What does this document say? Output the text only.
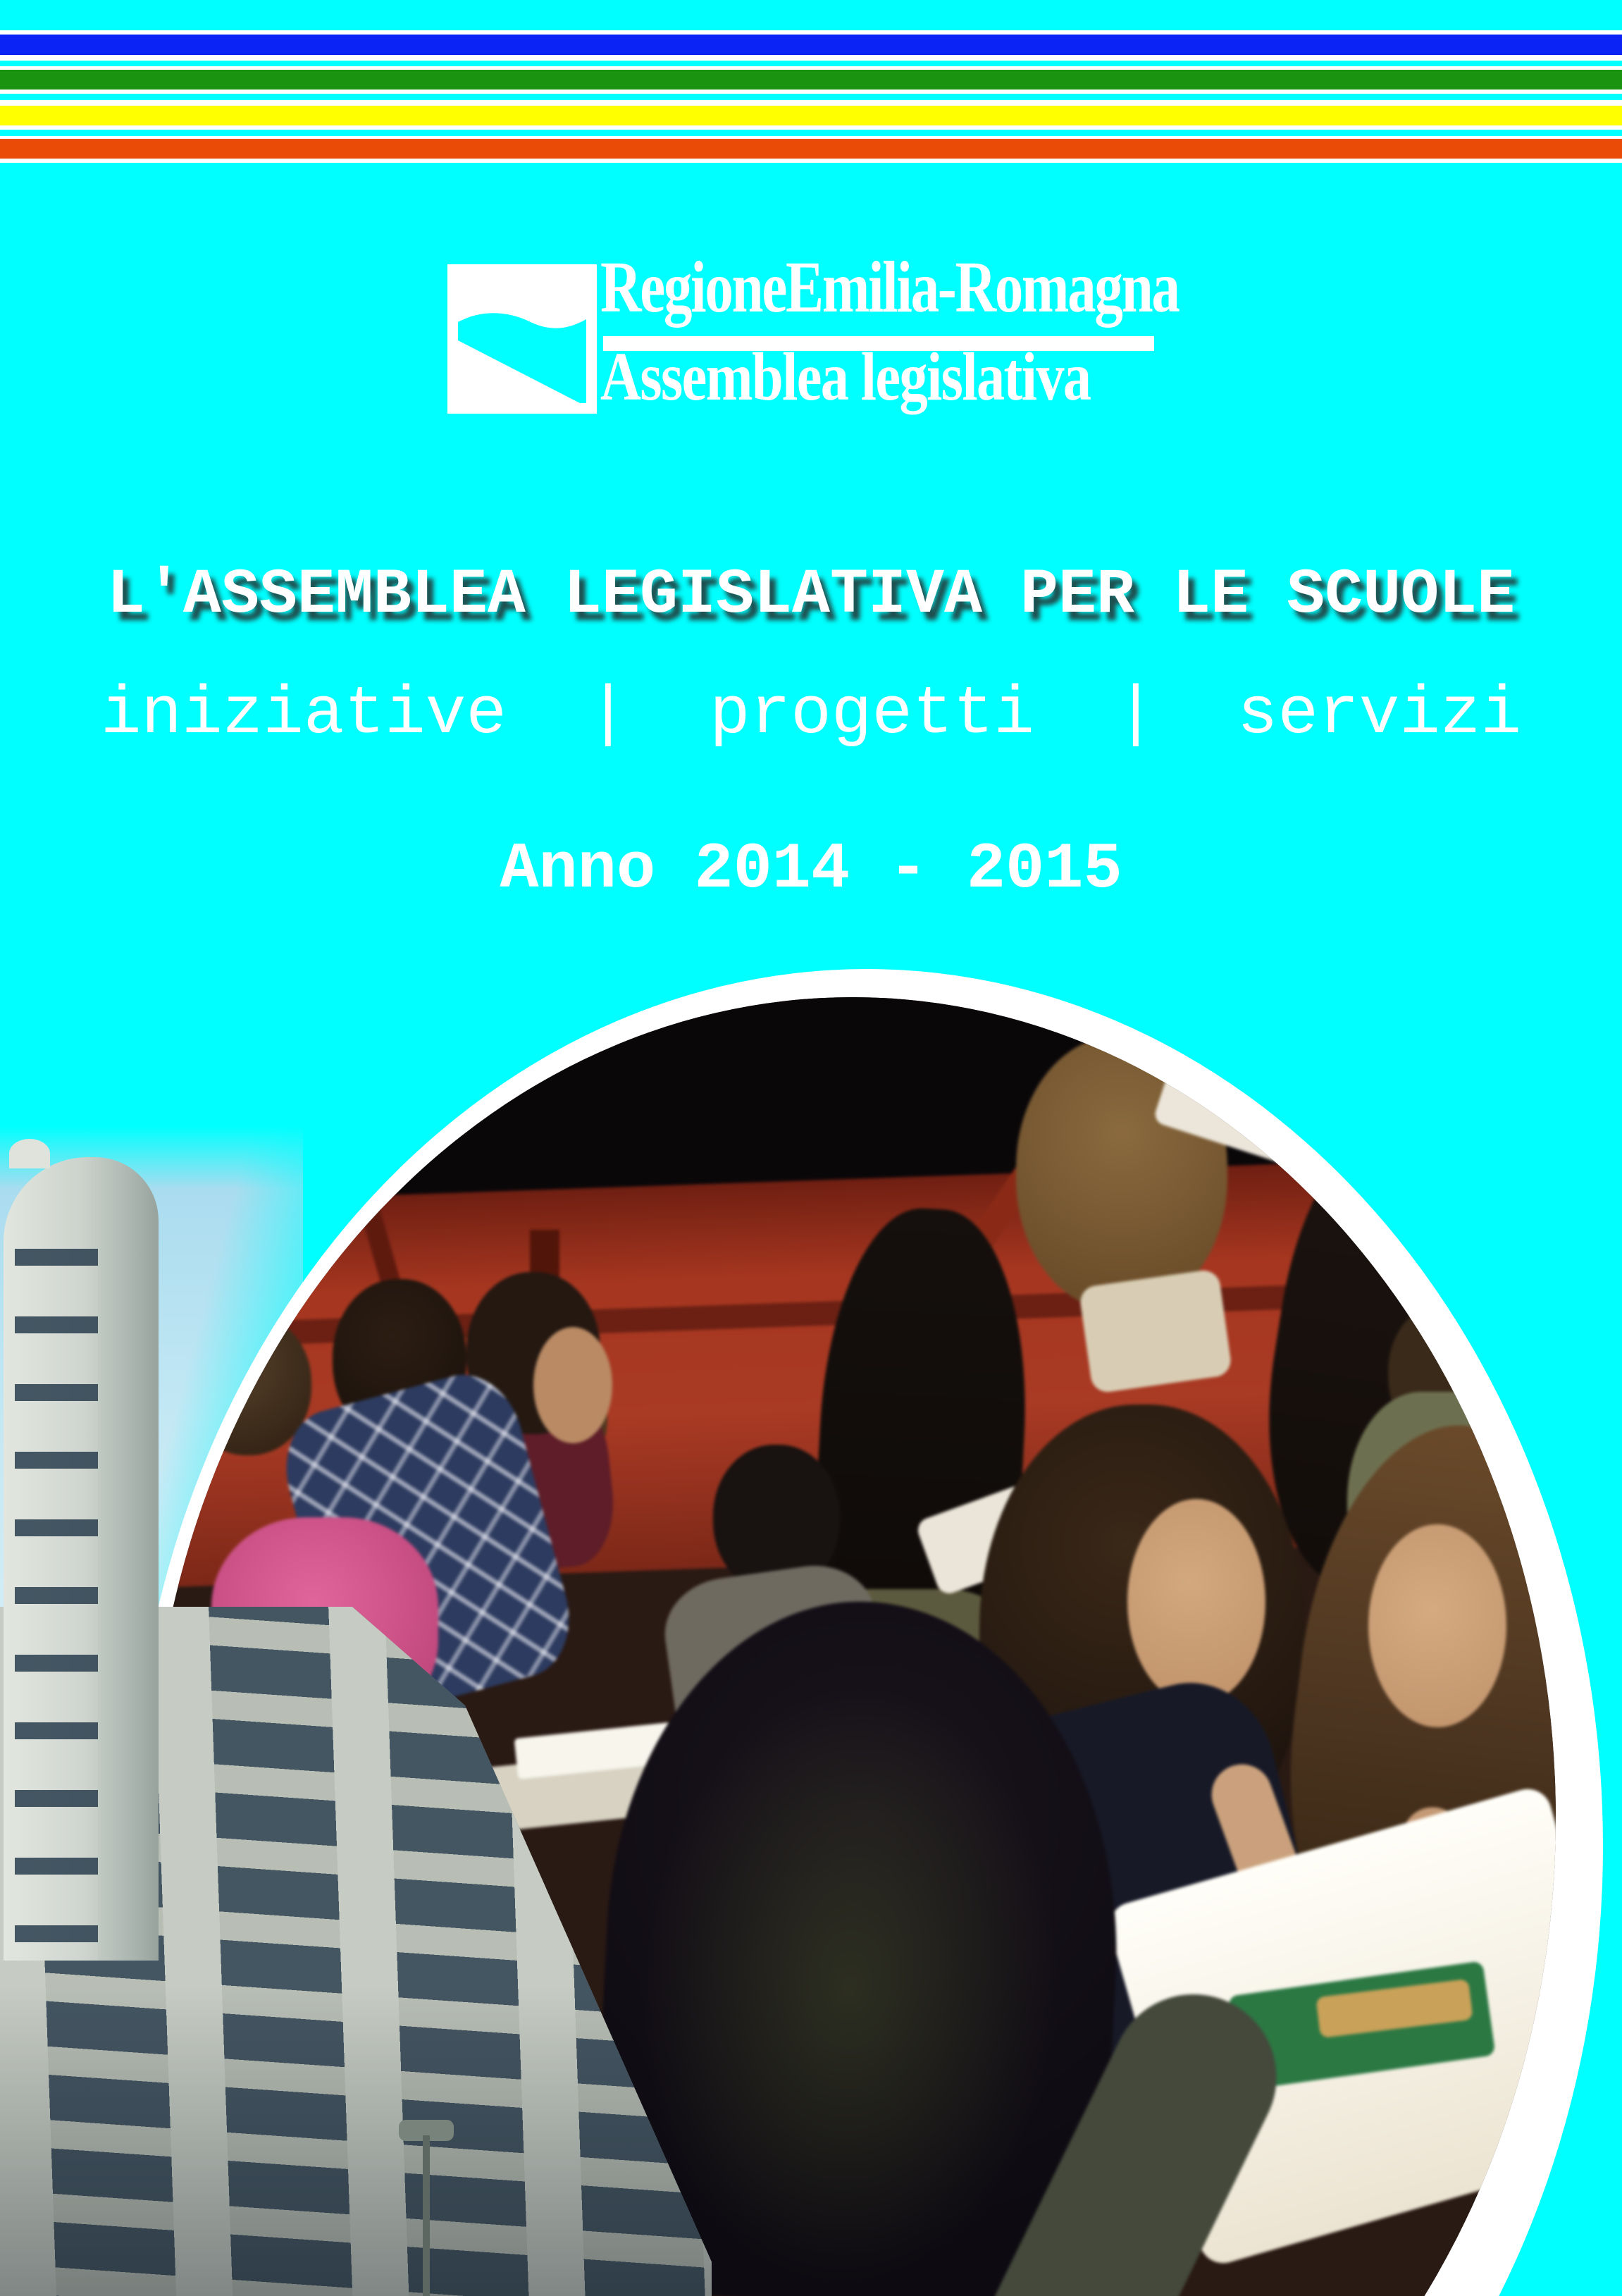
RegioneEmilia-Romagna
Assemblea legislativa
L'ASSEMBLEA LEGISLATIVA PER LE SCUOLE
iniziative  |  progetti  |  servizi
Anno 2014 - 2015
